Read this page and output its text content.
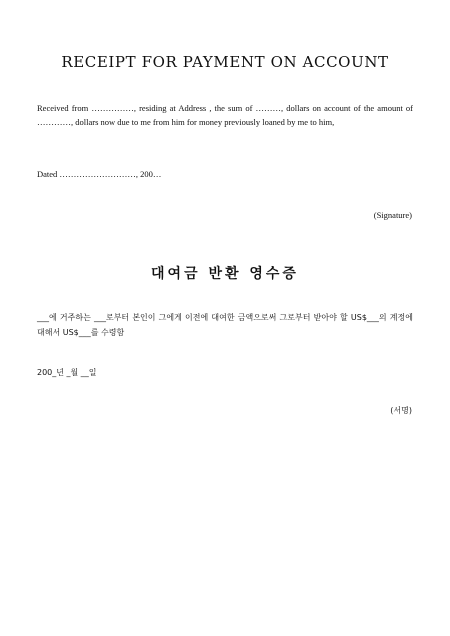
RECEIPT FOR PAYMENT ON ACCOUNT
Received from ……………, residing at Address , the sum of ………, dollars on account of the amount of …………, dollars now due to me from him for money previously loaned by me to him,
Dated ………………………, 200…
(Signature)
대여금 반환 영수증
___에 거주하는 ___로부터 본인이 그에게 이전에 대여한 금액으로써 그로부터 받아야 할 US$___의 계정에 대해서 US$___를 수령함
200_년 _월 __일
(서명)
